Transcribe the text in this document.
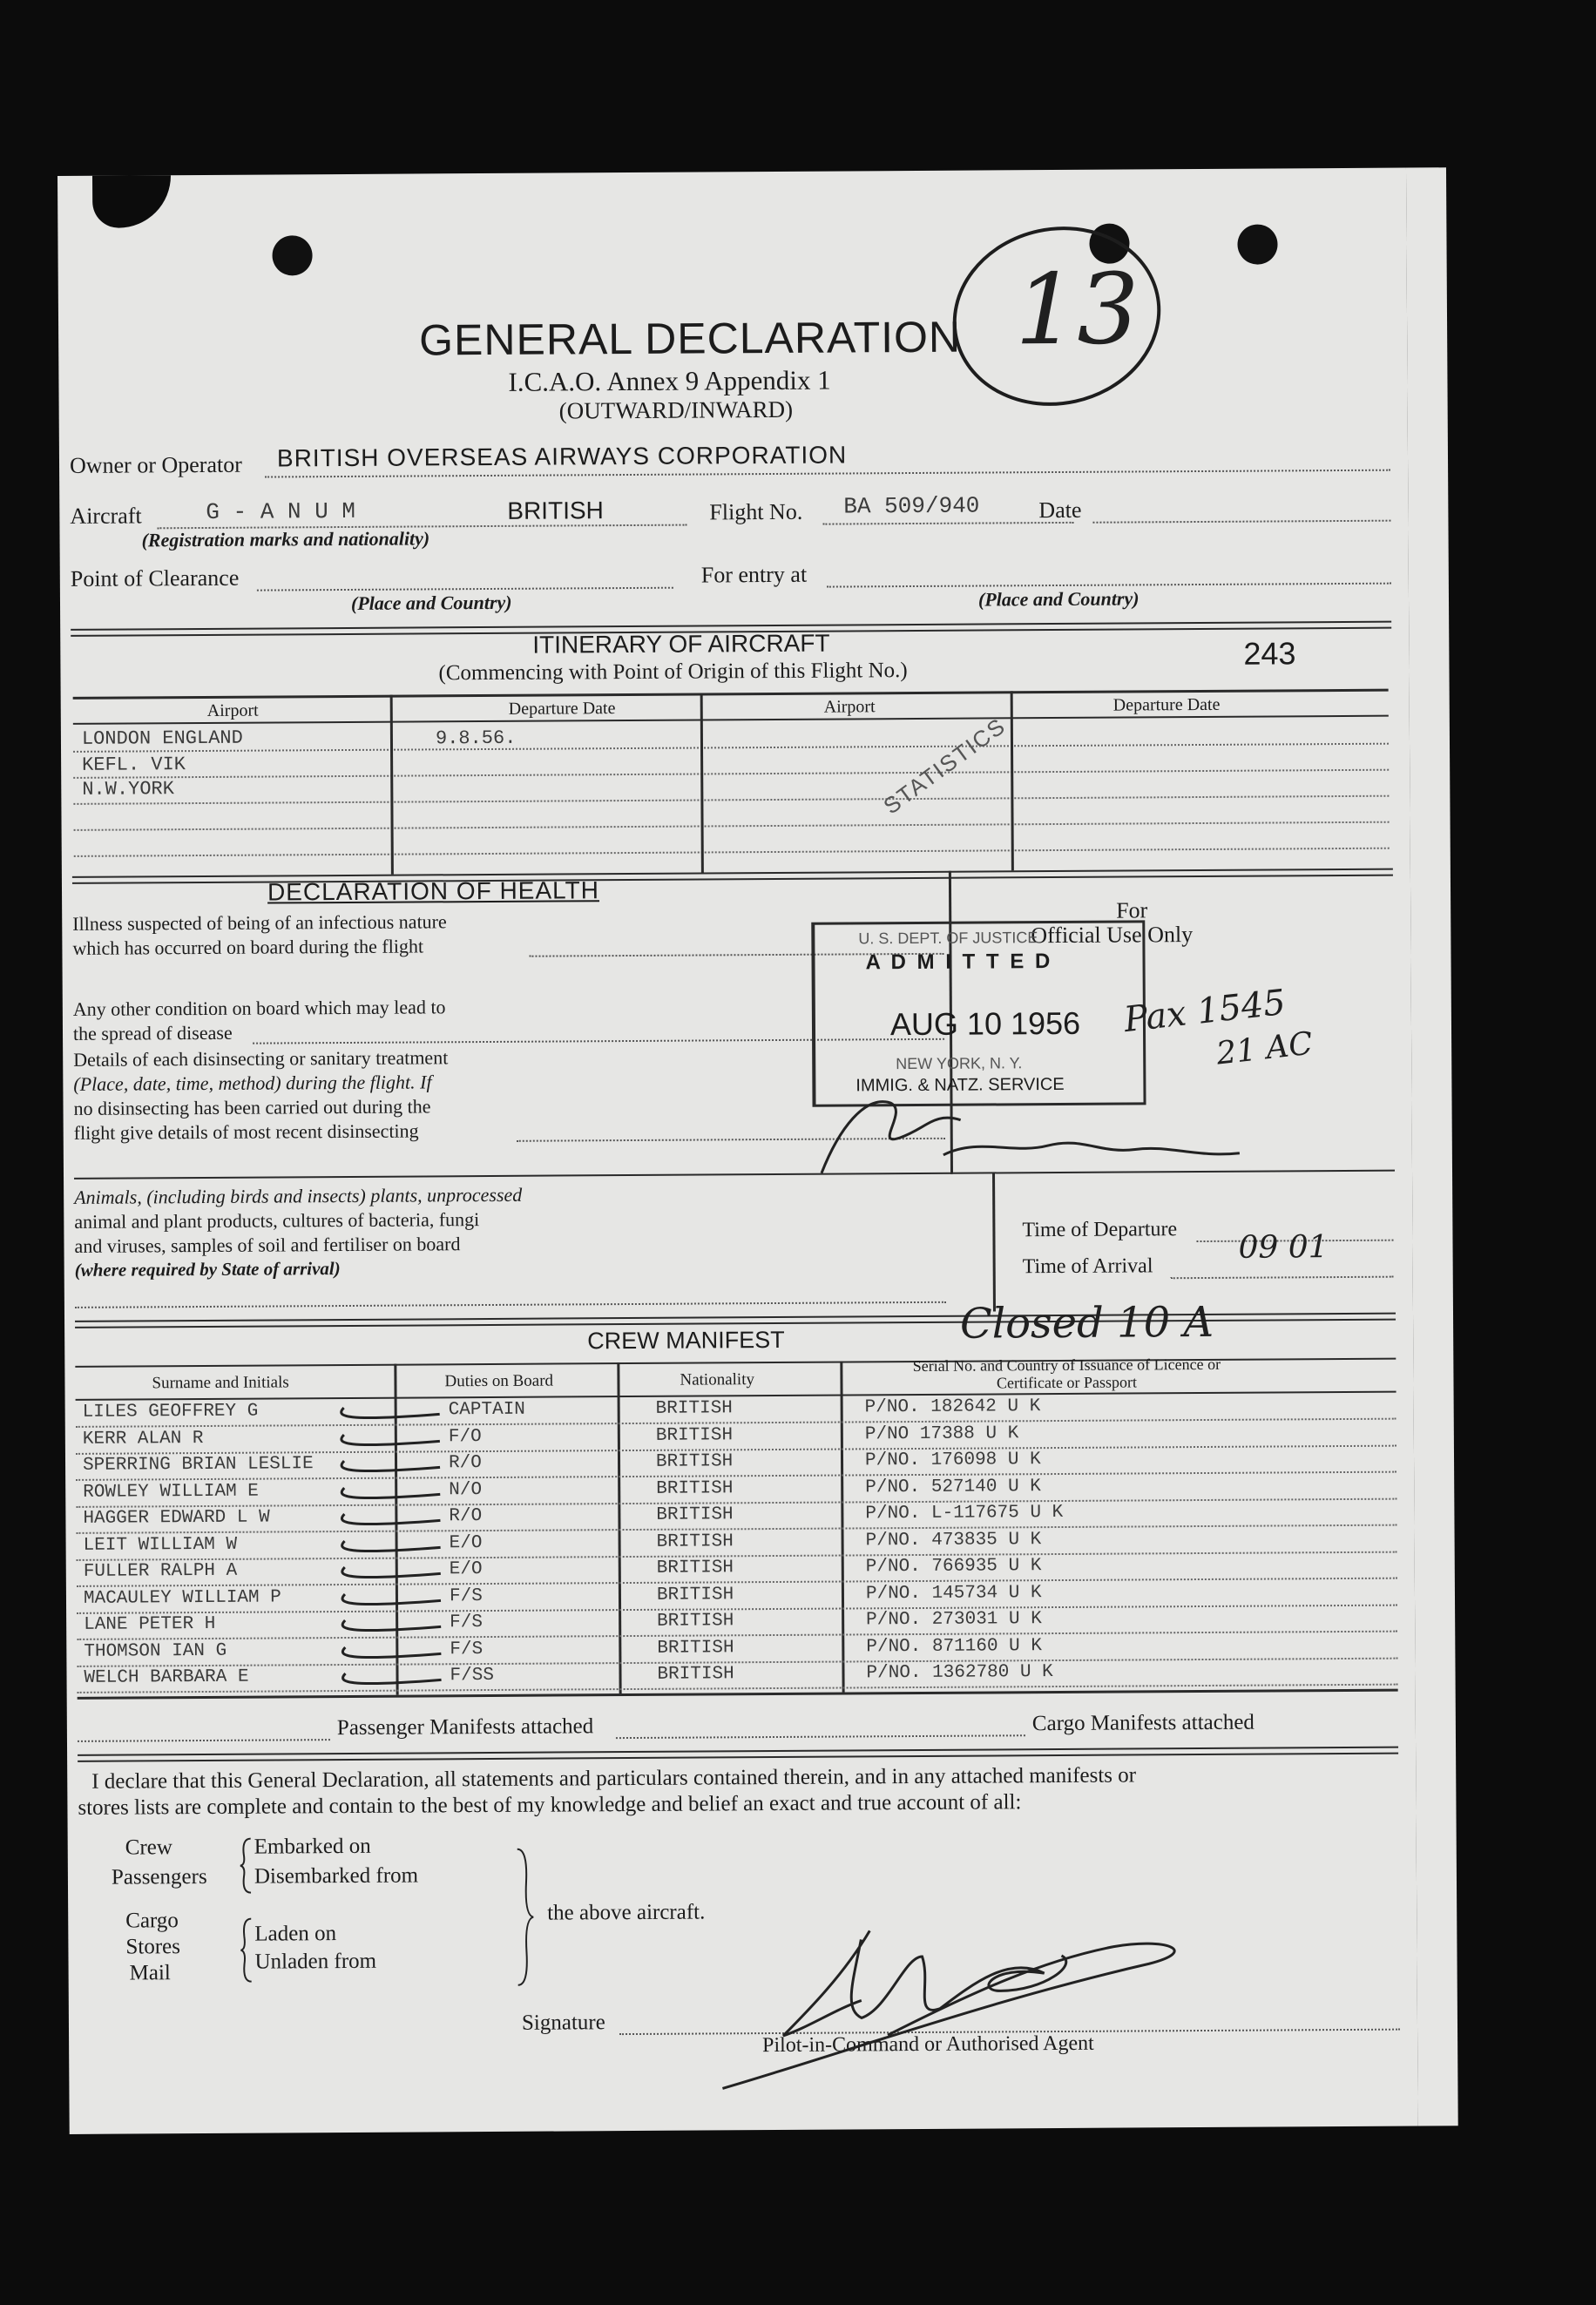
GENERAL DECLARATION
I.C.A.O. Annex 9 Appendix 1
(OUTWARD/INWARD)
13
Owner or Operator BRITISH OVERSEAS AIRWAYS CORPORATION
Aircraft	G - A N U M	BRITISH
(Registration marks and nationality)
Flight No. BA 509/940	Date
Point of Clearance
(Place and Country)
For entry at
(Place and Country)
ITINERARY OF AIRCRAFT
(Commencing with Point of Origin of this Flight No.)
243
Airport	Departure Date	Airport	Departure Date
LONDON ENGLAND	9.8.56.
KEFL. VIK
N.W.YORK	STATISTICS
DECLARATION OF HEALTH
Illness suspected of being of an infectious nature
which has occurred on board during the flight
Any other condition on board which may lead to
the spread of disease
Details of each disinsecting or sanitary treatment
(Place, date, time, method) during the flight. If
no disinsecting has been carried out during the
flight give details of most recent disinsecting
Animals, (including birds and insects) plants, unprocessed
animal and plant products, cultures of bacteria, fungi
and viruses, samples of soil and fertiliser on board
(where required by State of arrival)
For
Official Use Only
U. S. DEPT. OF JUSTICE
A D M I T T E D
AUG 10 1956
NEW YORK, N. Y.
IMMIG. & NATZ. SERVICE
Pax 1545
21 AC
Time of Departure
Time of Arrival
09 01
CREW MANIFEST	Closed 10 A
Surname and Initials	Duties on Board	Nationality
Serial No. and Country of Issuance of Licence or Certificate or Passport
LILES GEOFFREY G	CAPTAIN	BRITISH	P/NO. 182642 U K
KERR ALAN R	F/O	BRITISH	P/NO 17388 U K
SPERRING BRIAN LESLIE	R/O	BRITISH	P/NO. 176098 U K
ROWLEY WILLIAM E	N/O	BRITISH	P/NO. 527140 U K
HAGGER EDWARD L W	R/O	BRITISH	P/NO. L-117675 U K
LEIT WILLIAM W	E/O	BRITISH	P/NO. 473835 U K
FULLER RALPH A	E/O	BRITISH	P/NO. 766935 U K
MACAULEY WILLIAM P	F/S	BRITISH	P/NO. 145734 U K
LANE PETER H	F/S	BRITISH	P/NO. 273031 U K
THOMSON IAN G	F/S	BRITISH	P/NO. 871160 U K
WELCH BARBARA E	F/SS	BRITISH	P/NO. 1362780 U K
Passenger Manifests attached	Cargo Manifests attached
I declare that this General Declaration, all statements and particulars contained therein, and in any attached manifests or
stores lists are complete and contain to the best of my knowledge and belief an exact and true account of all:
Crew
Passengers
Embarked on
Disembarked from
Cargo
Stores
Mail
Laden on
Unladen from
the above aircraft.
Signature
Pilot-in-Command or Authorised Agent
